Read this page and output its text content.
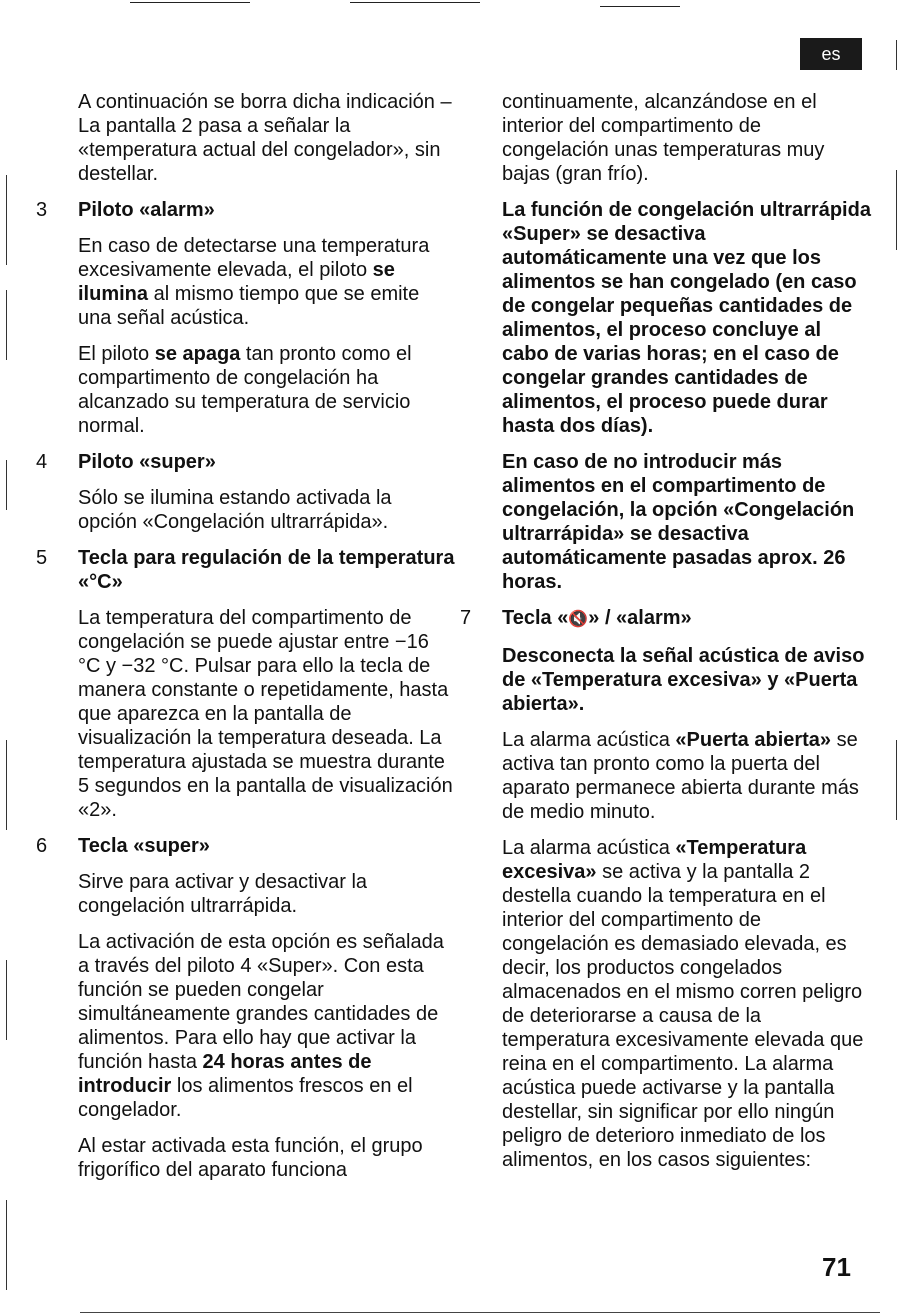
es

A continuación se borra dicha indicación – La pantalla 2 pasa a señalar la «temperatura actual del congelador», sin destellar.

3 Piloto «alarm»

En caso de detectarse una temperatura excesivamente elevada, el piloto se ilumina al mismo tiempo que se emite una señal acústica.

El piloto se apaga tan pronto como el compartimento de congelación ha alcanzado su temperatura de servicio normal.

4 Piloto «super»

Sólo se ilumina estando activada la opción «Congelación ultrarrápida».

5 Tecla para regulación de la temperatura «°C»

La temperatura del compartimento de congelación se puede ajustar entre −16 °C y −32 °C. Pulsar para ello la tecla de manera constante o repetidamente, hasta que aparezca en la pantalla de visualización la temperatura deseada. La temperatura ajustada se muestra durante 5 segundos en la pantalla de visualización «2».

6 Tecla «super»

Sirve para activar y desactivar la congelación ultrarrápida.

La activación de esta opción es señalada a través del piloto 4 «Super». Con esta función se pueden congelar simultáneamente grandes cantidades de alimentos. Para ello hay que activar la función hasta 24 horas antes de introducir los alimentos frescos en el congelador.

Al estar activada esta función, el grupo frigorífico del aparato funciona

continuamente, alcanzándose en el interior del compartimento de congelación unas temperaturas muy bajas (gran frío).

La función de congelación ultrarrápida «Super» se desactiva automáticamente una vez que los alimentos se han congelado (en caso de congelar pequeñas cantidades de alimentos, el proceso concluye al cabo de varias horas; en el caso de congelar grandes cantidades de alimentos, el proceso puede durar hasta dos días).

En caso de no introducir más alimentos en el compartimento de congelación, la opción «Congelación ultrarrápida» se desactiva automáticamente pasadas aprox. 26 horas.

7 Tecla «🔇» / «alarm»

Desconecta la señal acústica de aviso de «Temperatura excesiva» y «Puerta abierta».

La alarma acústica «Puerta abierta» se activa tan pronto como la puerta del aparato permanece abierta durante más de medio minuto.

La alarma acústica «Temperatura excesiva» se activa y la pantalla 2 destella cuando la temperatura en el interior del compartimento de congelación es demasiado elevada, es decir, los productos congelados almacenados en el mismo corren peligro de deteriorarse a causa de la temperatura excesivamente elevada que reina en el compartimento. La alarma acústica puede activarse y la pantalla destellar, sin significar por ello ningún peligro de deterioro inmediato de los alimentos, en los casos siguientes:

71
